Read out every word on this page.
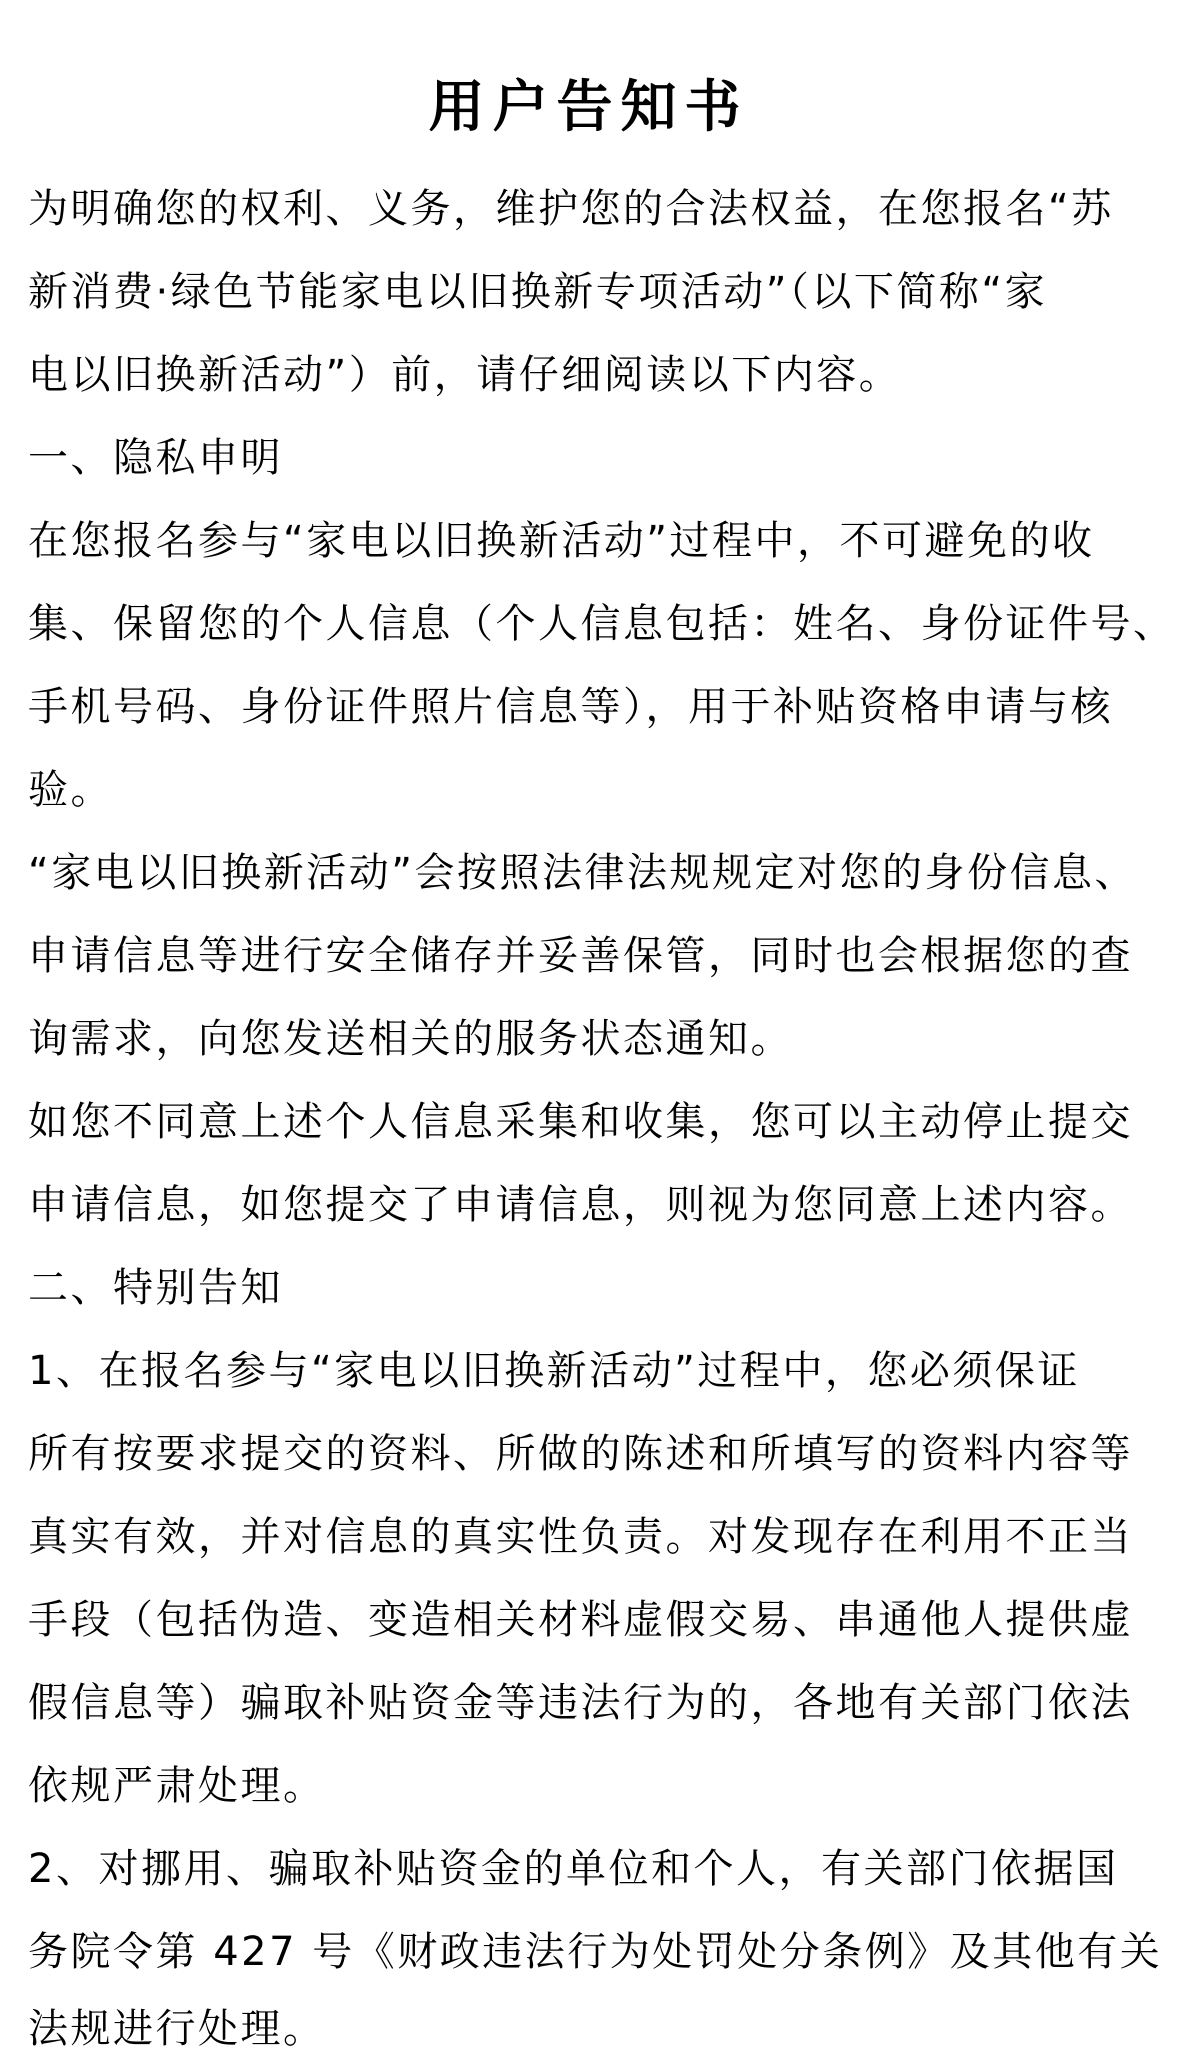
用户告知书

为明确您的权利、义务，维护您的合法权益，在您报名“苏

新消费·绿色节能家电以旧换新专项活动”（以下简称“家

电以旧换新活动”）前，请仔细阅读以下内容。

一、隐私申明

在您报名参与“家电以旧换新活动”过程中，不可避免的收

集、保留您的个人信息（个人信息包括：姓名、身份证件号、

手机号码、身份证件照片信息等），用于补贴资格申请与核

验。

“家电以旧换新活动”会按照法律法规规定对您的身份信息、

申请信息等进行安全储存并妥善保管，同时也会根据您的查

询需求，向您发送相关的服务状态通知。

如您不同意上述个人信息采集和收集，您可以主动停止提交

申请信息，如您提交了申请信息，则视为您同意上述内容。

二、特别告知

1、在报名参与“家电以旧换新活动”过程中，您必须保证

所有按要求提交的资料、所做的陈述和所填写的资料内容等

真实有效，并对信息的真实性负责。对发现存在利用不正当

手段（包括伪造、变造相关材料虚假交易、串通他人提供虚

假信息等）骗取补贴资金等违法行为的，各地有关部门依法

依规严肃处理。

2、对挪用、骗取补贴资金的单位和个人，有关部门依据国

务院令第 427 号《财政违法行为处罚处分条例》及其他有关

法规进行处理。
